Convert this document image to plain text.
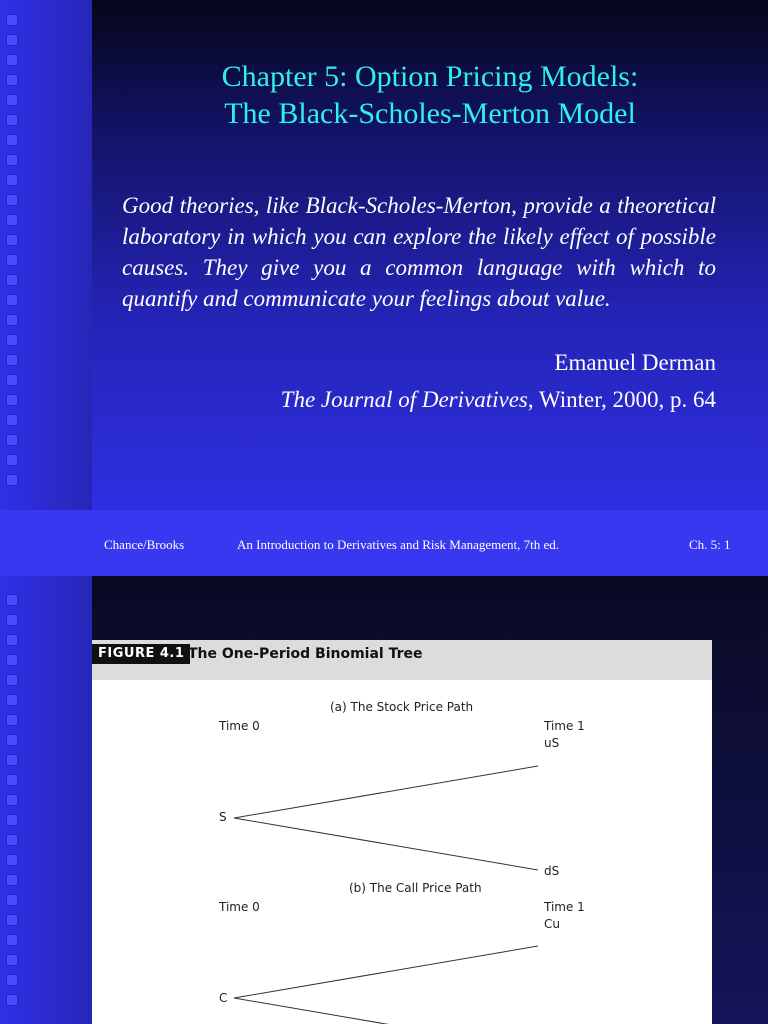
Chapter 5: Option Pricing Models:
The Black-Scholes-Merton Model
Good theories, like Black-Scholes-Merton, provide a theoretical laboratory in which you can explore the likely effect of possible causes. They give you a common language with which to quantify and communicate your feelings about value.
Emanuel Derman
The Journal of Derivatives, Winter, 2000, p. 64
Chance/Brooks	An Introduction to Derivatives and Risk Management, 7th ed.	Ch. 5: 1
FIGURE 4.1 The One-Period Binomial Tree
(a) The Stock Price Path
Time 0	Time 1
uS
S
dS
(b) The Call Price Path
Time 0	Time 1
Cu
C
